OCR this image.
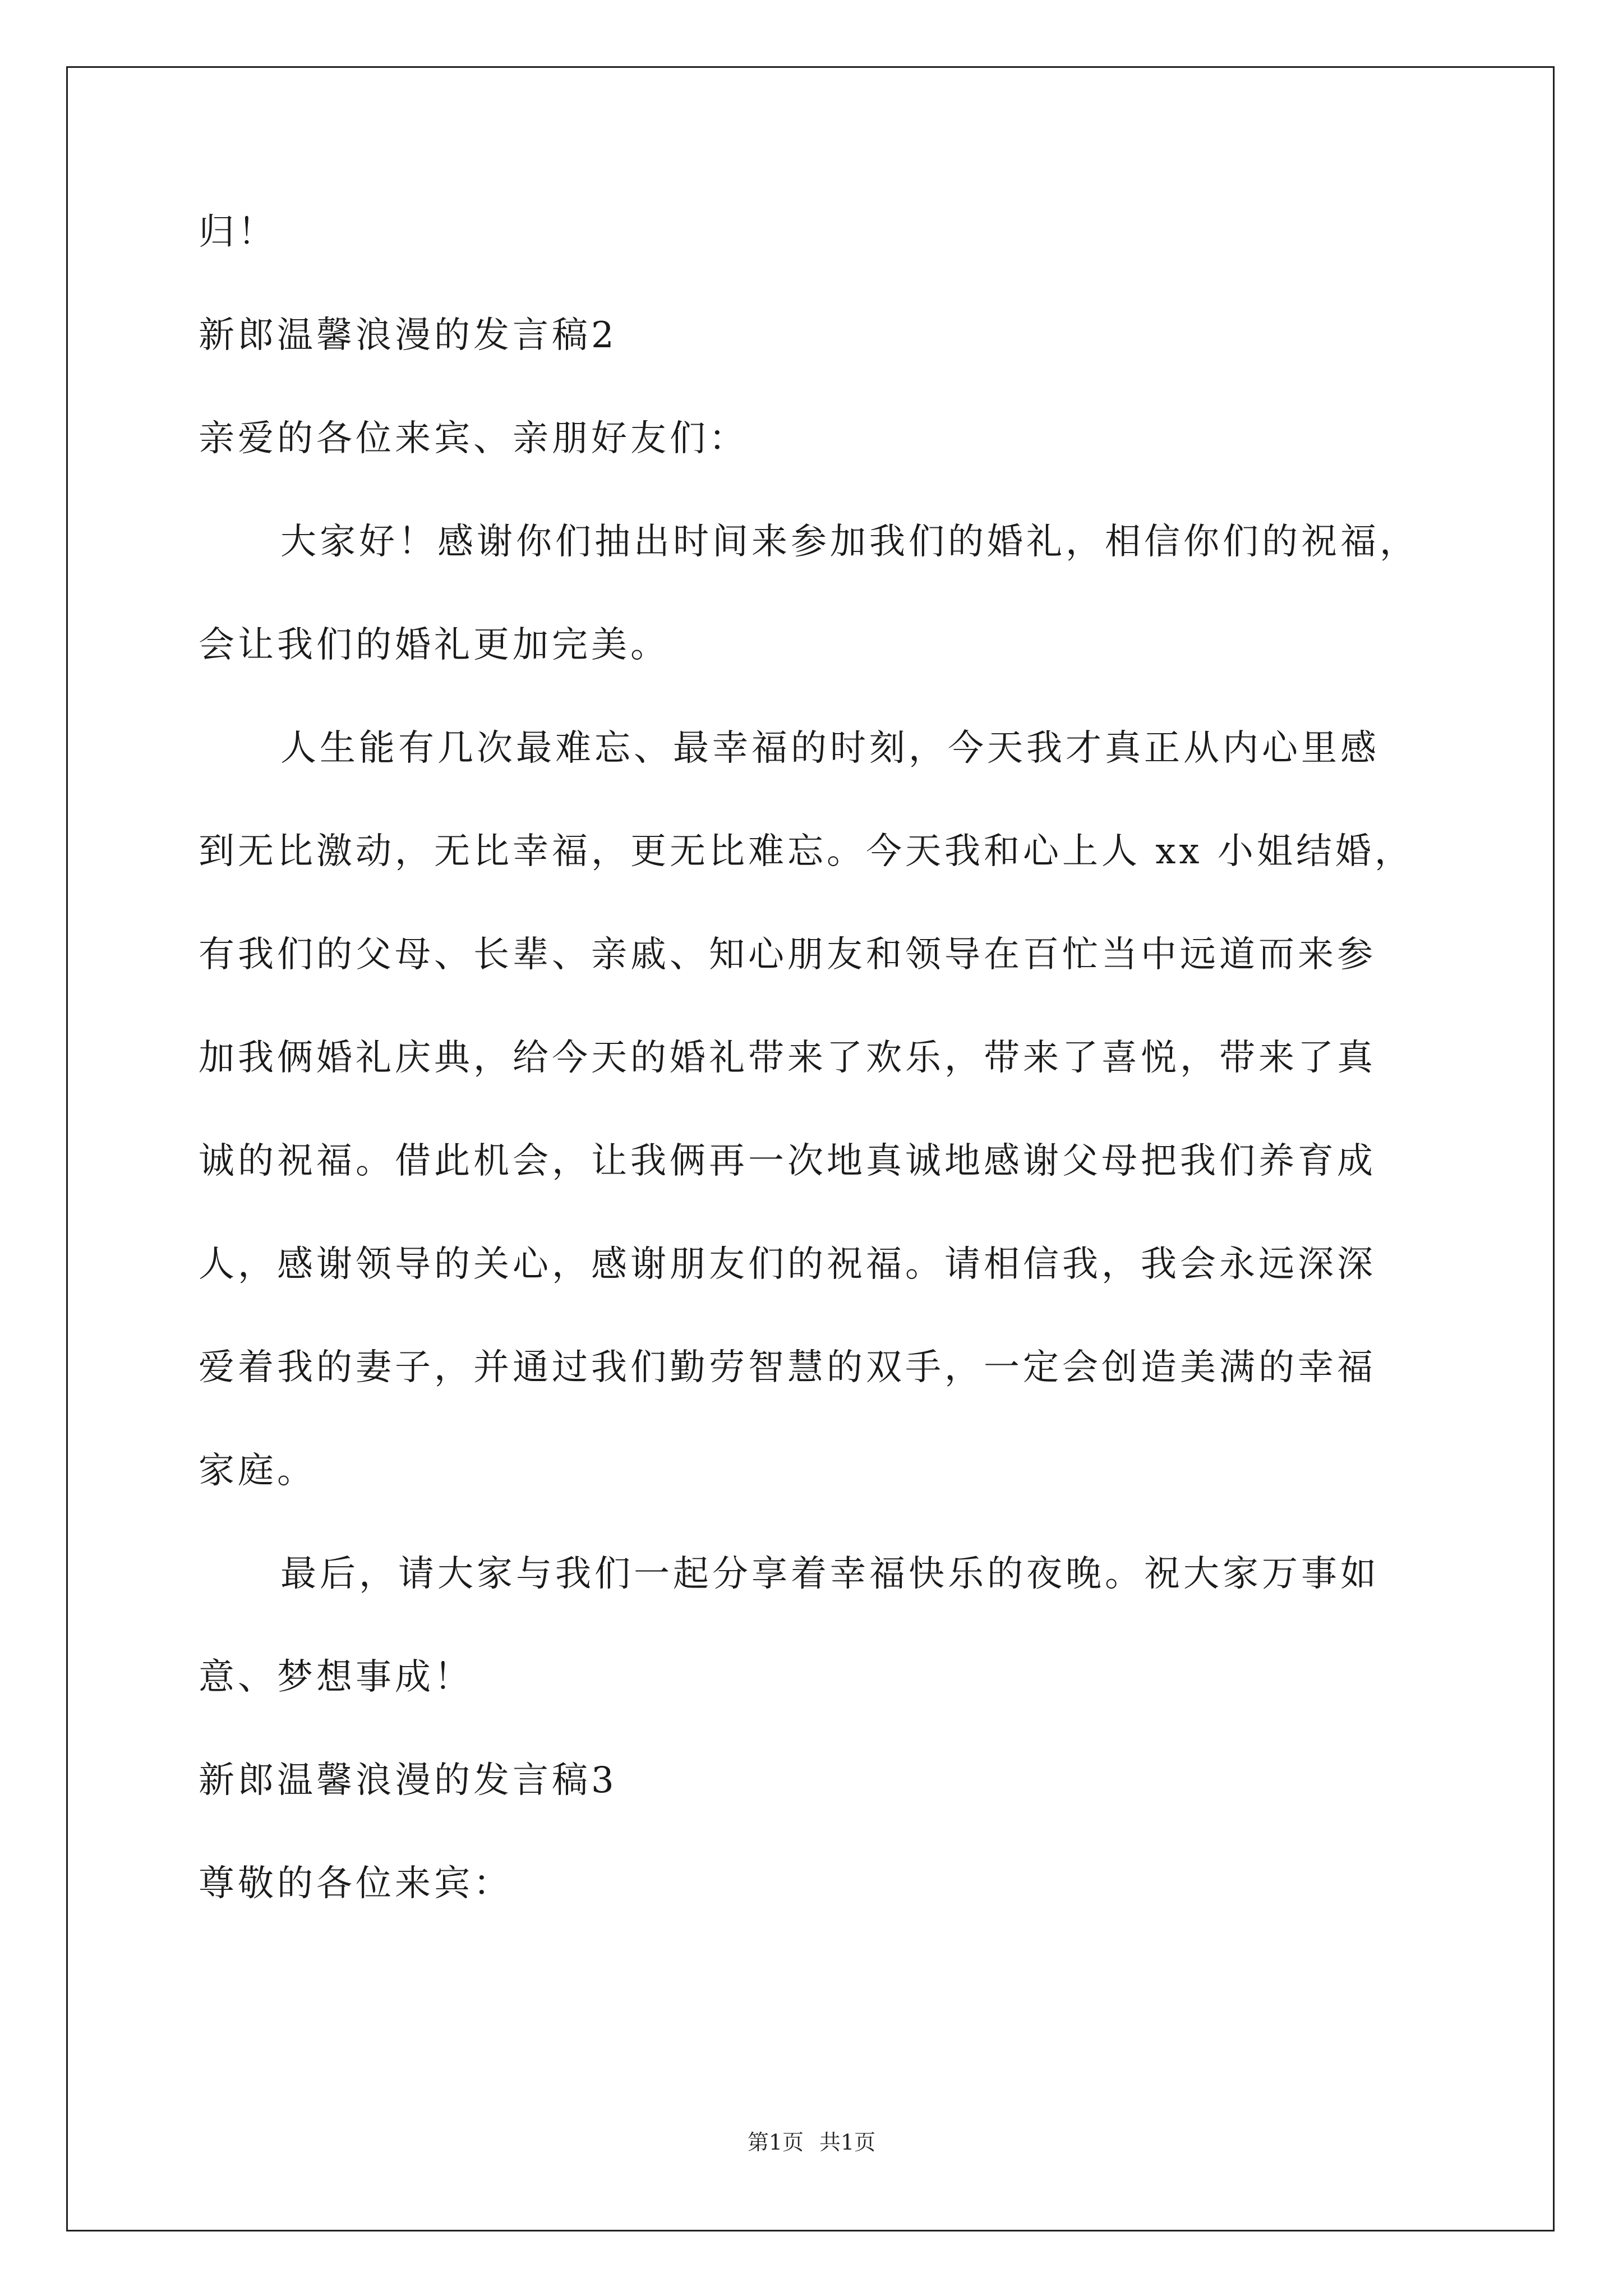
归！
新郎温馨浪漫的发言稿2
亲爱的各位来宾、亲朋好友们：
大家好！感谢你们抽出时间来参加我们的婚礼，相信你们的祝福，
会让我们的婚礼更加完美。
人生能有几次最难忘、最幸福的时刻，今天我才真正从内心里感
到无比激动，无比幸福，更无比难忘。今天我和心上人 xx 小姐结婚，
有我们的父母、长辈、亲戚、知心朋友和领导在百忙当中远道而来参
加我俩婚礼庆典，给今天的婚礼带来了欢乐，带来了喜悦，带来了真
诚的祝福。借此机会，让我俩再一次地真诚地感谢父母把我们养育成
人，感谢领导的关心，感谢朋友们的祝福。请相信我，我会永远深深
爱着我的妻子，并通过我们勤劳智慧的双手，一定会创造美满的幸福
家庭。
最后，请大家与我们一起分享着幸福快乐的夜晚。祝大家万事如
意、梦想事成！
新郎温馨浪漫的发言稿3
尊敬的各位来宾：
第1页 共1页
